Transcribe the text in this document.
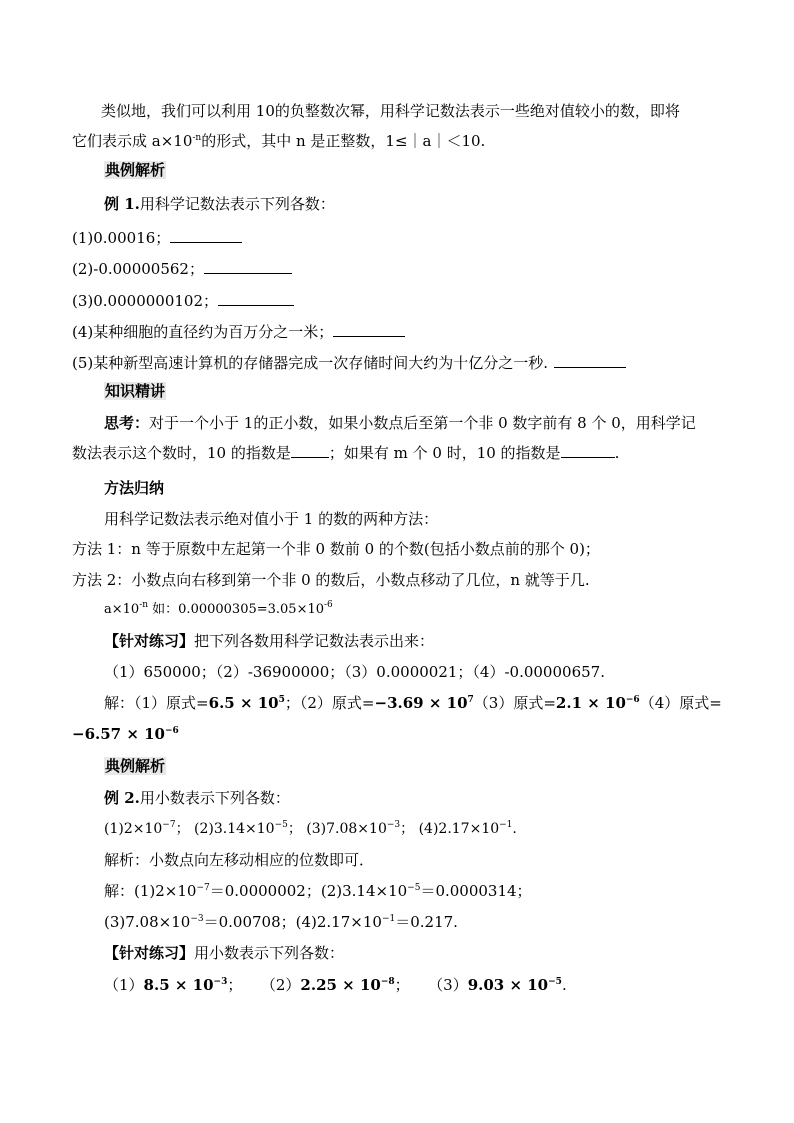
类似地，我们可以利用 10的负整数次幂，用科学记数法表示一些绝对值较小的数，即将
它们表示成 $a\times 10^{-n}$的形式，其中 n 是正整数，1≤｜a｜＜10.
典例解析
例 1.用科学记数法表示下列各数：
(1)0.00016；
(2)-0.00000562；
(3)0.0000000102；
(4)某种细胞的直径约为百万分之一米；
(5)某种新型高速计算机的存储器完成一次存储时间大约为十亿分之一秒.
知识精讲
思考：对于一个小于 1的正小数，如果小数点后至第一个非 0 数字前有 8 个 0，用科学记
数法表示这个数时，10 的指数是	；如果有 m 个 0 时，10 的指数是	.
方法归纳
用科学记数法表示绝对值小于 1 的数的两种方法：
方法 1：n 等于原数中左起第一个非 0 数前 0 的个数(包括小数点前的那个 0)；
方法 2：小数点向右移到第一个非 0 的数后，小数点移动了几位，n 就等于几.
$a\times 10^{-n}$ 如：$0.00000305=3.05\times 10^{-6}$
【针对练习】把下列各数用科学记数法表示出来：
（1）650000；（2）-36900000；（3）0.0000021；（4）-0.00000657.
解：（1）原式$=6.5 \times 10^5$；（2）原式$=-3.69 \times 10^7(3)$原式$=2.1 \times 10^{-6}(4)$原式=
$-6.57 \times 10^{-6}$
典例解析
例 2.用小数表示下列各数：
$(1)2\times 10^{-7}$； $(2)3.14\times 10^{-5}$； $(3)7.08\times 10^{-3}$； $(4)2.17\times 10^{-1}$.
解析：小数点向左移动相应的位数即可．
解：$(1)2\times 10^{-7}=0.0000002$；$(2)3.14\times 10^{-5}=0.0000314$；
$(3)7.08\times 10^{-3}=0.00708$；$(4)2.17\times 10^{-1}=0.217$.
【针对练习】用小数表示下列各数：
$(1)8.5 \times 10^{-3}$； $(2)2.25 \times 10^{-8}$； $(3)9.03 \times 10^{-5}$.
